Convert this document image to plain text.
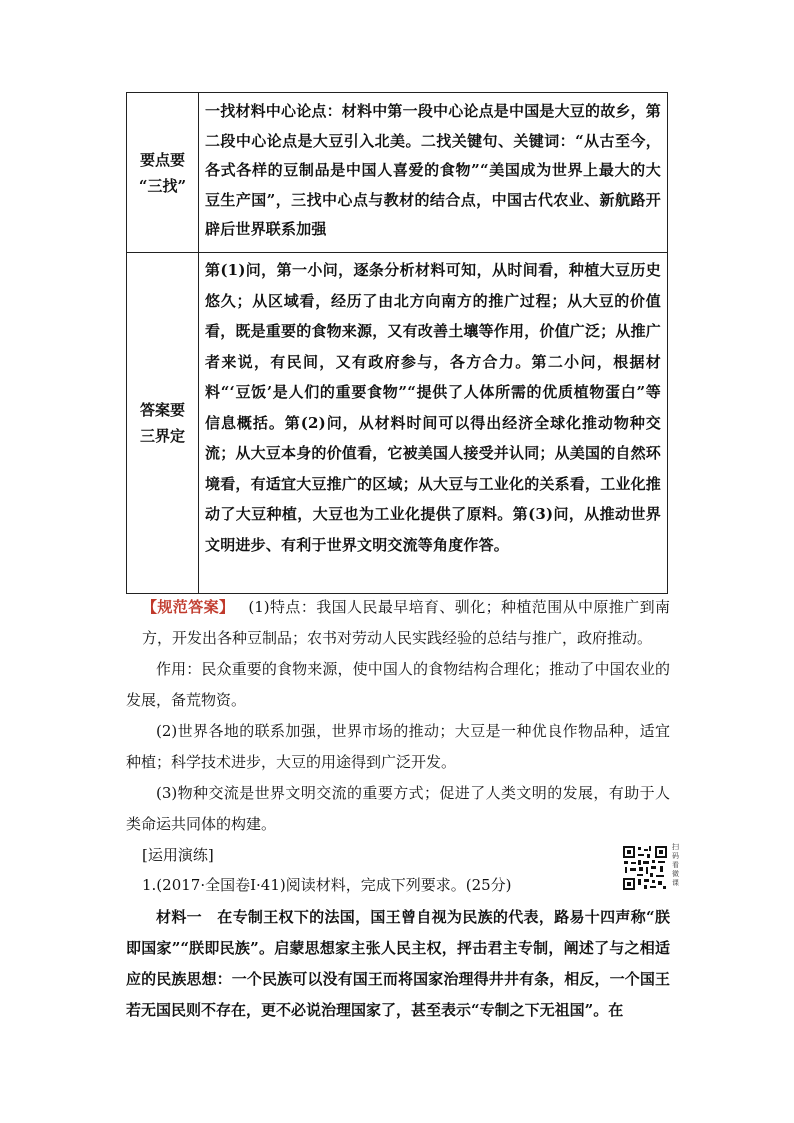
要点要
“三找”
一找材料中心论点：材料中第一段中心论点是中国是大豆的故乡，第二段中心论点是大豆引入北美。二找关键句、关键词：“从古至今，各式各样的豆制品是中国人喜爱的食物”“美国成为世界上最大的大豆生产国”，三找中心点与教材的结合点，中国古代农业、新航路开辟后世界联系加强
答案要
三界定
第(1)问，第一小问，逐条分析材料可知，从时间看，种植大豆历史悠久；从区域看，经历了由北方向南方的推广过程；从大豆的价值看，既是重要的食物来源，又有改善土壤等作用，价值广泛；从推广者来说，有民间，又有政府参与，各方合力。第二小问，根据材料“‘豆饭’是人们的重要食物”“提供了人体所需的优质植物蛋白”等信息概括。第(2)问，从材料时间可以得出经济全球化推动物种交流；从大豆本身的价值看，它被美国人接受并认同；从美国的自然环境看，有适宜大豆推广的区域；从大豆与工业化的关系看，工业化推动了大豆种植，大豆也为工业化提供了原料。第(3)问，从推动世界文明进步、有利于世界文明交流等角度作答。
【规范答案】 (1)特点：我国人民最早培育、驯化；种植范围从中原推广到南方，开发出各种豆制品；农书对劳动人民实践经验的总结与推广，政府推动。
作用：民众重要的食物来源，使中国人的食物结构合理化；推动了中国农业的发展，备荒物资。
(2)世界各地的联系加强，世界市场的推动；大豆是一种优良作物品种，适宜种植；科学技术进步，大豆的用途得到广泛开发。
(3)物种交流是世界文明交流的重要方式；促进了人类文明的发展，有助于人类命运共同体的构建。
[运用演练]
1.(2017·全国卷Ⅰ·41)阅读材料，完成下列要求。(25分)
扫码看微课
材料一　在专制王权下的法国，国王曾自视为民族的代表，路易十四声称“朕即国家”“朕即民族”。启蒙思想家主张人民主权，抨击君主专制，阐述了与之相适应的民族思想：一个民族可以没有国王而将国家治理得井井有条，相反，一个国王若无国民则不存在，更不必说治理国家了，甚至表示“专制之下无祖国”。在
